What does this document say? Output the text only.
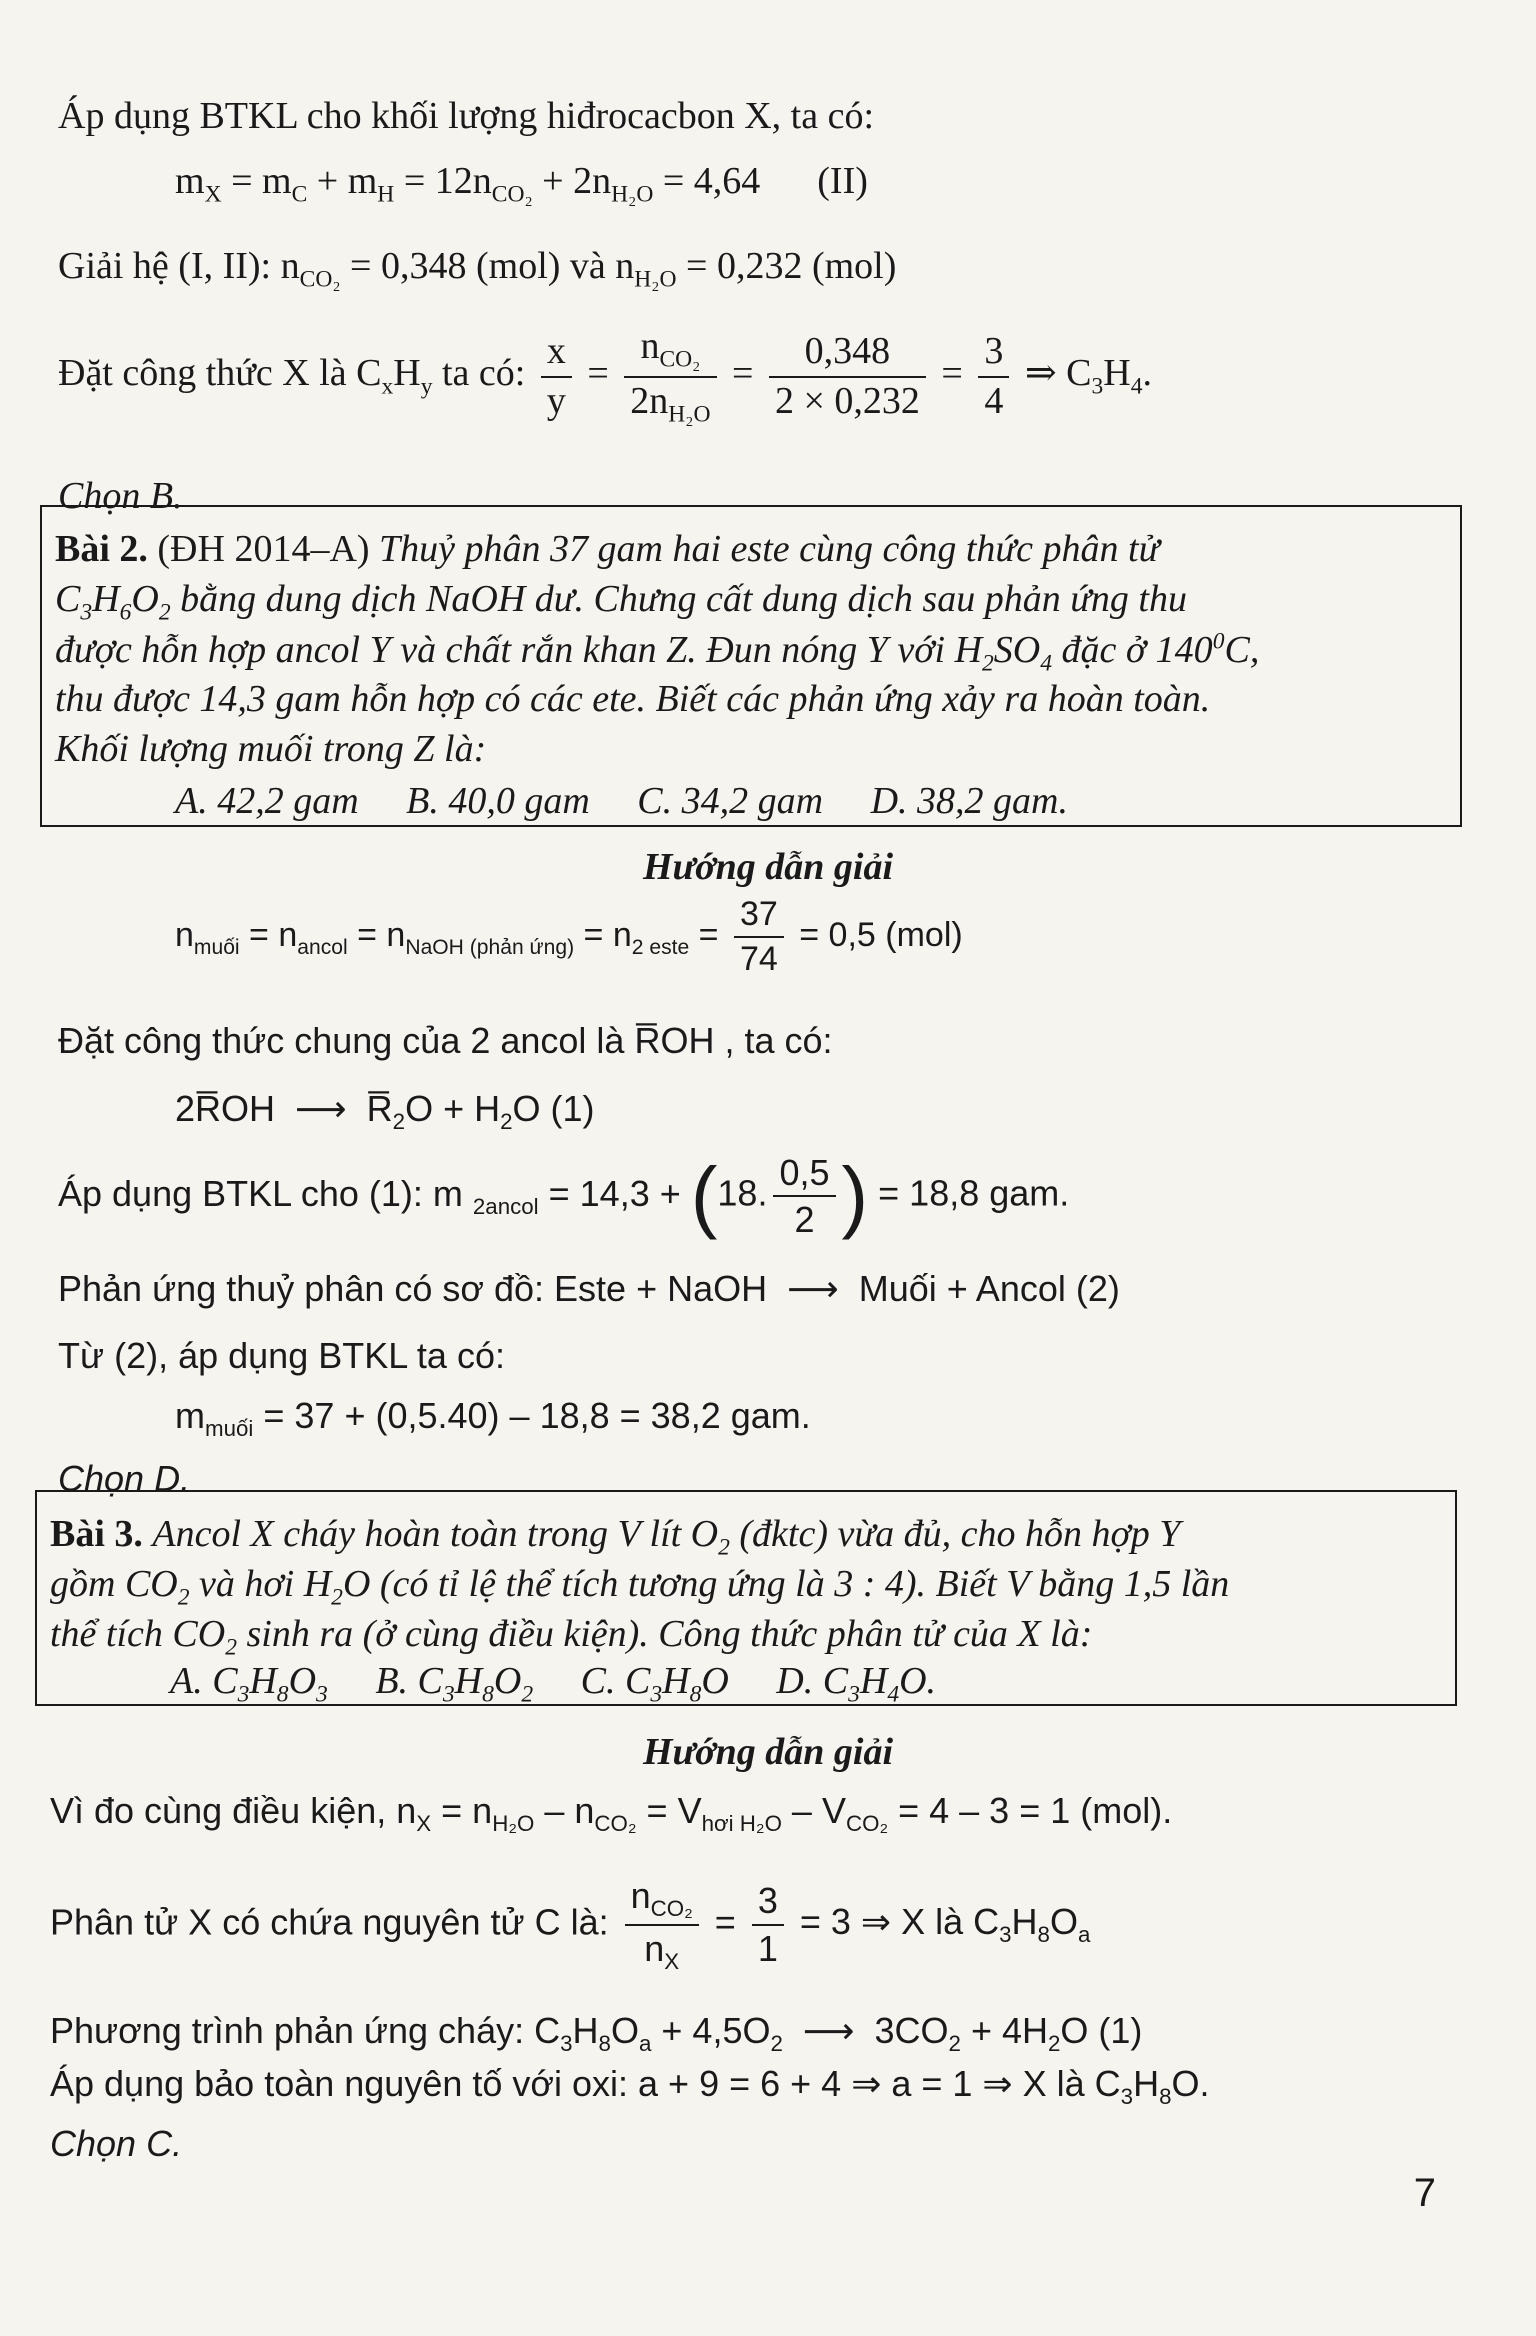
Áp dụng BTKL cho khối lượng hiđrocacbon X, ta có:
$m_X = m_C + m_H = 12n_{CO_2} + 2n_{H_2O} = 4,64$      (II)
Giải hệ (I, II): $n_{CO_2} = 0,348$ (mol) và $n_{H_2O} = 0,232$ (mol)
Đặt công thức X là $C_xH_y$ ta có: $\frac{x}{y} = \frac{n_{CO_2}}{2n_{H_2O}} = \frac{0,348}{2 \times 0,232} = \frac{3}{4}$ ⇒ $C_3H_4$.
Chọn B.
Bài 2. (ĐH 2014–A) Thuỷ phân 37 gam hai este cùng công thức phân tử
$C_3H_6O_2$ bằng dung dịch NaOH dư. Chưng cất dung dịch sau phản ứng thu
được hỗn hợp ancol Y và chất rắn khan Z. Đun nóng Y với $H_2SO_4$ đặc ở $140^0C$,
thu được 14,3 gam hỗn hợp có các ete. Biết các phản ứng xảy ra hoàn toàn.
Khối lượng muối trong Z là:
A. 42,2 gam     B. 40,0 gam     C. 34,2 gam     D. 38,2 gam.
Hướng dẫn giải
$n_{muối} = n_{ancol} = n_{NaOH (phản ứng)} = n_{2 este} = \frac{37}{74} = 0,5$ (mol)
Đặt công thức chung của 2 ancol là R̅OH , ta có:
2R̅OH  ⟶  $R̅_2O + H_2O$ (1)
Áp dụng BTKL cho (1): m $_{2ancol}$ = 14,3 + (18. $\frac{0,5}{2}$ ) = 18,8 gam.
Phản ứng thuỷ phân có sơ đồ: Este + NaOH  ⟶  Muối + Ancol (2)
Từ (2), áp dụng BTKL ta có:
$m_{muối} = 37 + (0,5.40) - 18,8 = 38,2$ gam.
Chọn D.
Bài 3. Ancol X cháy hoàn toàn trong V lít $O_2$ (đktc) vừa đủ, cho hỗn hợp Y
gồm $CO_2$ và hơi $H_2O$ (có tỉ lệ thể tích tương ứng là 3 : 4). Biết V bằng 1,5 lần
thể tích $CO_2$ sinh ra (ở cùng điều kiện). Công thức phân tử của X là:
A. $C_3H_8O_3$     B. $C_3H_8O_2$     C. $C_3H_8O$     D. $C_3H_4O$.
Hướng dẫn giải
Vì đo cùng điều kiện, $n_X = n_{H_2O} - n_{CO_2} = V_{hơi H_2O} - V_{CO_2} = 4 - 3 = 1$ (mol).
Phân tử X có chứa nguyên tử C là: $\frac{n_{CO_2}}{n_X} = \frac{3}{1} = 3$ ⇒ X là $C_3H_8O_a$
Phương trình phản ứng cháy: $C_3H_8O_a + 4,5O_2$  ⟶  $3CO_2 + 4H_2O$ (1)
Áp dụng bảo toàn nguyên tố với oxi: a + 9 = 6 + 4 ⇒ a = 1 ⇒ X là $C_3H_8O$.
Chọn C.
7
